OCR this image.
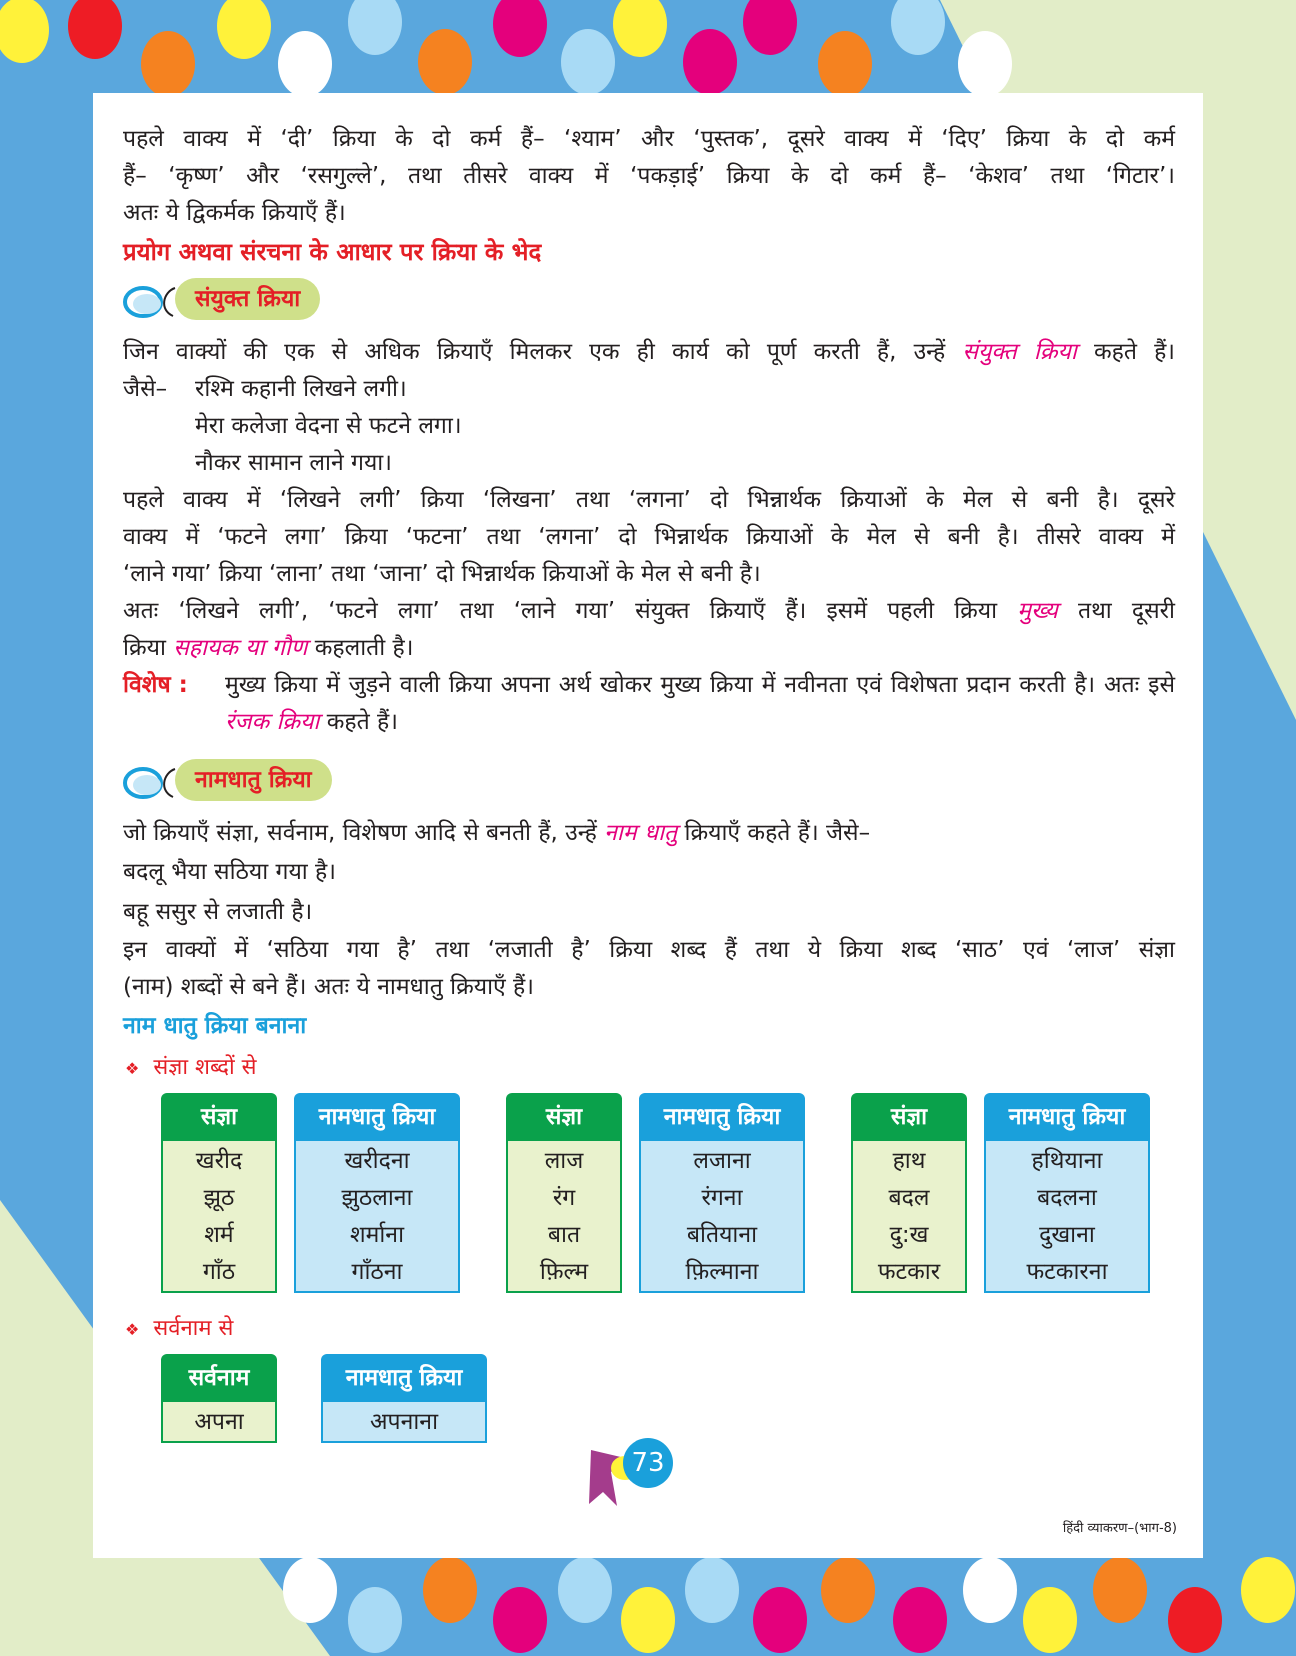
पहले वाक्य में ‘दी’ क्रिया के दो कर्म हैं– ‘श्याम’ और ‘पुस्तक’, दूसरे वाक्य में ‘दिए’ क्रिया के दो कर्म
हैं– ‘कृष्ण’ और ‘रसगुल्ले’, तथा तीसरे वाक्य में ‘पकड़ाई’ क्रिया के दो कर्म हैं– ‘केशव’ तथा ‘गिटार’।
अतः ये द्विकर्मक क्रियाएँ हैं।
प्रयोग अथवा संरचना के आधार पर क्रिया के भेद
संयुक्त क्रिया
जिन वाक्यों की एक से अधिक क्रियाएँ मिलकर एक ही कार्य को पूर्ण करती हैं, उन्हें संयुक्त क्रिया कहते हैं।
जैसे– रश्मि कहानी लिखने लगी।
मेरा कलेजा वेदना से फटने लगा।
नौकर सामान लाने गया।
पहले वाक्य में ‘लिखने लगी’ क्रिया ‘लिखना’ तथा ‘लगना’ दो भिन्नार्थक क्रियाओं के मेल से बनी है। दूसरे
वाक्य में ‘फटने लगा’ क्रिया ‘फटना’ तथा ‘लगना’ दो भिन्नार्थक क्रियाओं के मेल से बनी है। तीसरे वाक्य में
‘लाने गया’ क्रिया ‘लाना’ तथा ‘जाना’ दो भिन्नार्थक क्रियाओं के मेल से बनी है।
अतः ‘लिखने लगी’, ‘फटने लगा’ तथा ‘लाने गया’ संयुक्त क्रियाएँ हैं। इसमें पहली क्रिया मुख्य तथा दूसरी
क्रिया सहायक या गौण कहलाती है।
विशेष : मुख्य क्रिया में जुड़ने वाली क्रिया अपना अर्थ खोकर मुख्य क्रिया में नवीनता एवं विशेषता प्रदान करती है। अतः इसे रंजक क्रिया कहते हैं।
नामधातु क्रिया
जो क्रियाएँ संज्ञा, सर्वनाम, विशेषण आदि से बनती हैं, उन्हें नाम धातु क्रियाएँ कहते हैं। जैसे–
बदलू भैया सठिया गया है।
बहू ससुर से लजाती है।
इन वाक्यों में ‘सठिया गया है’ तथा ‘लजाती है’ क्रिया शब्द हैं तथा ये क्रिया शब्द ‘साठ’ एवं ‘लाज’ संज्ञा
(नाम) शब्दों से बने हैं। अतः ये नामधातु क्रियाएँ हैं।
नाम धातु क्रिया बनाना
❖ संज्ञा शब्दों से
संज्ञा
खरीद
झूठ
शर्म
गाँठ
नामधातु क्रिया
खरीदना
झुठलाना
शर्माना
गाँठना
संज्ञा
लाज
रंग
बात
फ़िल्म
नामधातु क्रिया
लजाना
रंगना
बतियाना
फ़िल्माना
संज्ञा
हाथ
बदल
दु:ख
फटकार
नामधातु क्रिया
हथियाना
बदलना
दुखाना
फटकारना
❖ सर्वनाम से
सर्वनाम
अपना
नामधातु क्रिया
अपनाना
73
हिंदी व्याकरण–(भाग-8)
